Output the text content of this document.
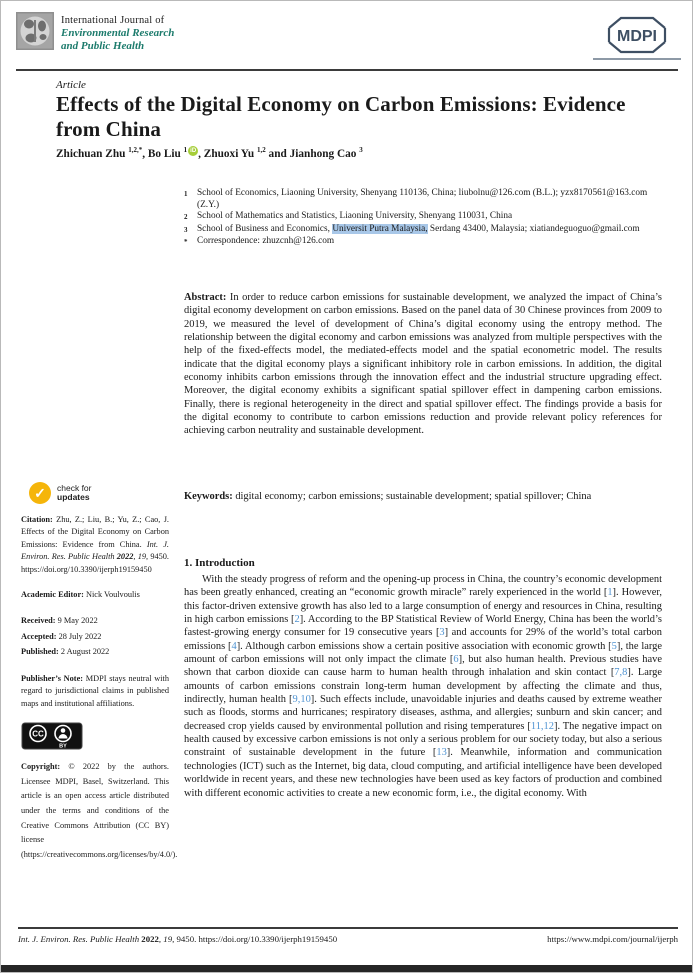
International Journal of
Environmental Research
and Public Health
MDPI
Article
Effects of the Digital Economy on Carbon Emissions: Evidence from China
Zhichuan Zhu $^{1,2,*}$, Bo Liu $^1$ iD , Zhuoxi Yu $^{1,2}$ and Jianhong Cao $^3$
1	School of Economics, Liaoning University, Shenyang 110136, China; liubolnu@126.com (B.L.); yzx8170561@163.com (Z.Y.)
2	School of Mathematics and Statistics, Liaoning University, Shenyang 110031, China
3	School of Business and Economics, Universit Putra Malaysia, Serdang 43400, Malaysia; xiatiandeguoguo@gmail.com
*	Correspondence: zhuzcnh@126.com
Abstract: In order to reduce carbon emissions for sustainable development, we analyzed the impact of China’s digital economy development on carbon emissions. Based on the panel data of 30 Chinese provinces from 2009 to 2019, we measured the level of development of China’s digital economy using the entropy method. The relationship between the digital economy and carbon emissions was analyzed from multiple perspectives with the help of the fixed-effects model, the mediated-effects model and the spatial econometric model. The results indicate that the digital economy plays a significant inhibitory role in carbon emissions. In addition, the digital economy inhibits carbon emissions through the innovation effect and the industrial structure upgrading effect. Moreover, the digital economy exhibits a significant spatial spillover effect in dampening carbon emissions. Finally, there is regional heterogeneity in the direct and spatial spillover effect. The findings provide a basis for the digital economy to contribute to carbon emissions reduction and provide relevant policy references for achieving carbon neutrality and sustainable development.
Keywords: digital economy; carbon emissions; sustainable development; spatial spillover; China
✓	check for
updates
Citation: Zhu, Z.; Liu, B.; Yu, Z.; Cao, J. Effects of the Digital Economy on Carbon Emissions: Evidence from China. Int. J. Environ. Res. Public Health 2022, 19, 9450. https://doi.org/10.3390/ijerph19159450
Academic Editor: Nick Voulvoulis
Received: 9 May 2022
Accepted: 28 July 2022
Published: 2 August 2022
Publisher’s Note: MDPI stays neutral with regard to jurisdictional claims in published maps and institutional affiliations.
CC
BY
Copyright: © 2022 by the authors. Licensee MDPI, Basel, Switzerland. This article is an open access article distributed under the terms and conditions of the Creative Commons Attribution (CC BY) license (https://creativecommons.org/licenses/by/4.0/).
1. Introduction
With the steady progress of reform and the opening-up process in China, the country’s economic development has been greatly enhanced, creating an “economic growth miracle” rarely experienced in the world [1]. However, this factor-driven extensive growth has also led to a large consumption of energy and resources in China, resulting in high carbon emissions [2]. According to the BP Statistical Review of World Energy, China has been the world’s fastest-growing energy consumer for 19 consecutive years [3] and accounts for 29% of the world’s total carbon emissions [4]. Although carbon emissions show a certain positive association with economic growth [5], the large amount of carbon emissions will not only impact the climate [6], but also human health. Previous studies have shown that carbon dioxide can cause harm to human health through inhalation and skin contact [7,8]. Large amounts of carbon emissions constrain long-term human development by affecting the climate and thus, indirectly, human health [9,10]. Such effects include, unavoidable injuries and deaths caused by extreme weather such as floods, storms and hurricanes; respiratory diseases, asthma, and allergies; sunburn and skin cancer; and decreased crop yields caused by environmental pollution and rising temperatures [11,12]. The negative impact on health caused by excessive carbon emissions is not only a serious problem for our society today, but also a serious constraint of sustainable development in the future [13]. Meanwhile, information and communication technologies (ICT) such as the Internet, big data, cloud computing, and artificial intelligence have been developed worldwide in recent years, and these new technologies have been used as key factors of production and combined with different economic activities to create a new economic form, i.e., the digital economy. With
Int. J. Environ. Res. Public Health 2022, 19, 9450. https://doi.org/10.3390/ijerph19159450	https://www.mdpi.com/journal/ijerph
